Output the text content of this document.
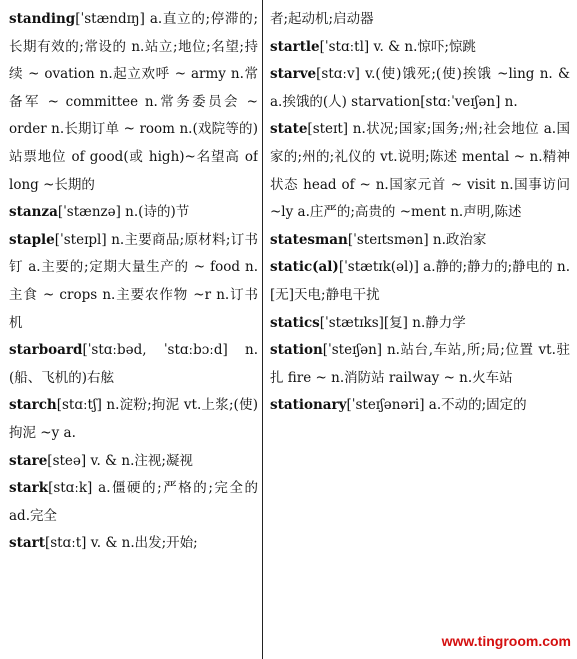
standing[ˈstændɪŋ] a.直立的;停滞的;长期有效的;常设的 n.站立;地位;名望;持续 ~ ovation n.起立欢呼 ~ army n.常备军 ~ committee n.常务委员会 ~ order n.长期订单 ~ room n.(戏院等的)站票地位 of good(或 high)~名望高 of long ~长期的
stanza[ˈstænzə] n.(诗的)节
staple[ˈsteɪpl] n.主要商品;原材料;订书钉 a.主要的;定期大量生产的 ~ food n.主食 ~ crops n.主要农作物 ~r n.订书机
starboard[ˈstɑːbəd, ˈstɑːbɔːd] n.(船、飞机的)右舷
starch[stɑːtʃ] n.淀粉;拘泥 vt.上浆;(使)拘泥 ~y a.
stare[steə] v. & n.注视;凝视
stark[stɑːk] a.僵硬的;严格的;完全的 ad.完全
start[stɑːt] v. & n.出发;开始;
者;起动机;启动器
startle[ˈstɑːtl] v. & n.惊吓;惊跳
starve[stɑːv] v.(使)饿死;(使)挨饿 ~ling n. & a.挨饿的(人) starvation[stɑːˈveɪʃən] n.
state[steɪt] n.状况;国家;国务;州;社会地位 a.国家的;州的;礼仪的 vt.说明;陈述 mental ~ n.精神状态 head of ~ n.国家元首 ~ visit n.国事访问 ~ly a.庄严的;高贵的 ~ment n.声明,陈述
statesman[ˈsteɪtsmən] n.政治家
static(al)[ˈstætɪk(əl)] a.静的;静力的;静电的 n.[无]天电;静电干扰
statics[ˈstætɪks][复] n.静力学
station[ˈsteɪʃən] n.站台,车站,所;局;位置 vt.驻扎 fire ~ n.消防站 railway ~ n.火车站
stationary[ˈsteɪʃənəri] a.不动的;固定的
www.tingroom.com
